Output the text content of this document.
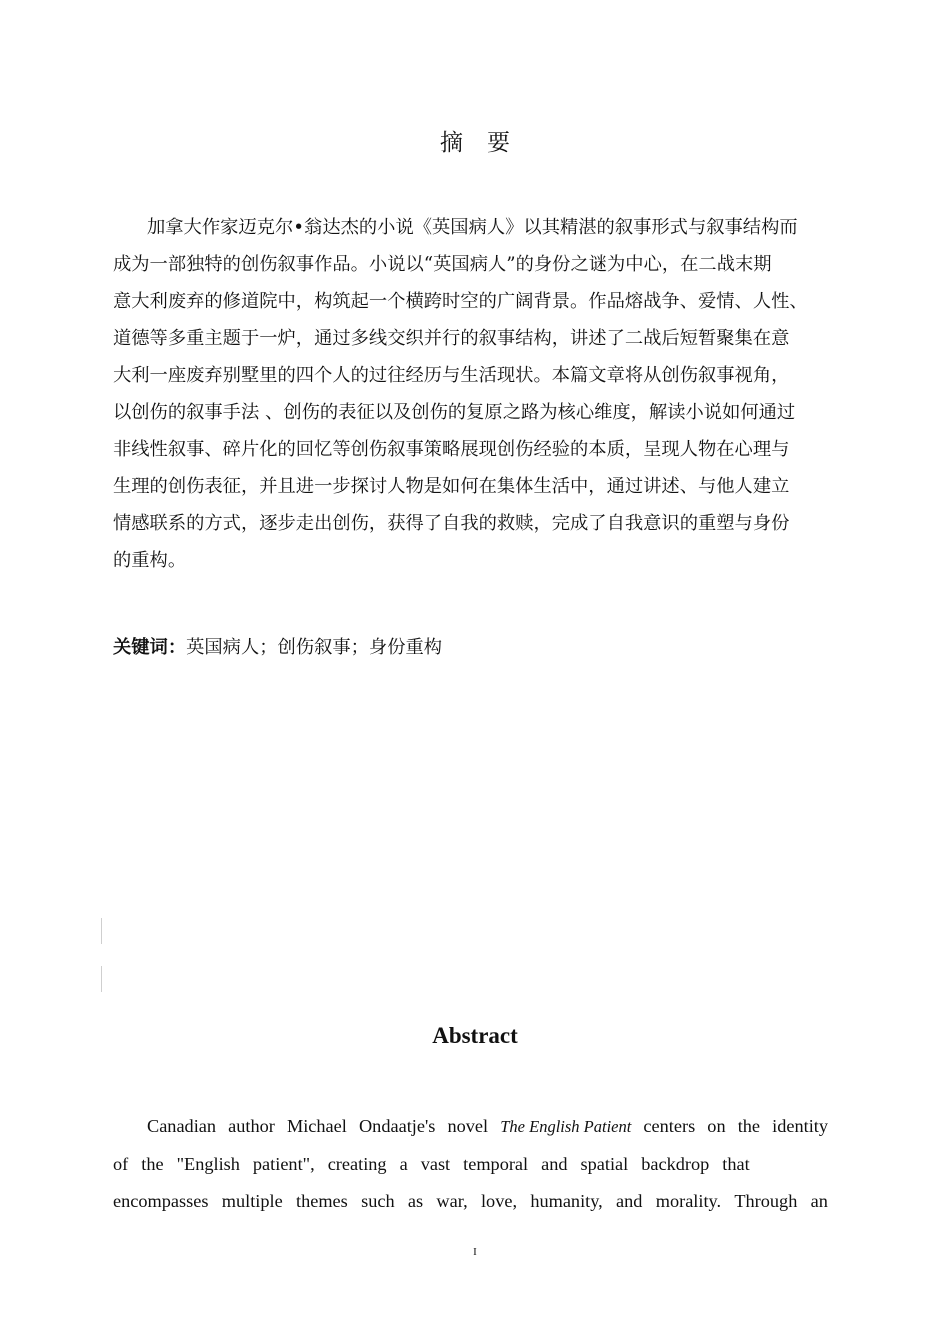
摘要
加拿大作家迈克尔•翁达杰的小说《英国病人》以其精湛的叙事形式与叙事结构而
成为一部独特的创伤叙事作品。小说以“英国病人”的身份之谜为中心，在二战末期
意大利废弃的修道院中，构筑起一个横跨时空的广阔背景。作品熔战争、爱情、人性、
道德等多重主题于一炉，通过多线交织并行的叙事结构，讲述了二战后短暂聚集在意
大利一座废弃别墅里的四个人的过往经历与生活现状。本篇文章将从创伤叙事视角，
以创伤的叙事手法 、创伤的表征以及创伤的复原之路为核心维度，解读小说如何通过
非线性叙事、碎片化的回忆等创伤叙事策略展现创伤经验的本质，呈现人物在心理与
生理的创伤表征，并且进一步探讨人物是如何在集体生活中，通过讲述、与他人建立
情感联系的方式，逐步走出创伤，获得了自我的救赎，完成了自我意识的重塑与身份
的重构。
关键词：英国病人；创伤叙事；身份重构
Abstract
Canadian author Michael Ondaatje's novel The English Patient centers on the identity
of the "English patient", creating a vast temporal and spatial backdrop that
encompasses multiple themes such as war, love, humanity, and morality. Through an
I
